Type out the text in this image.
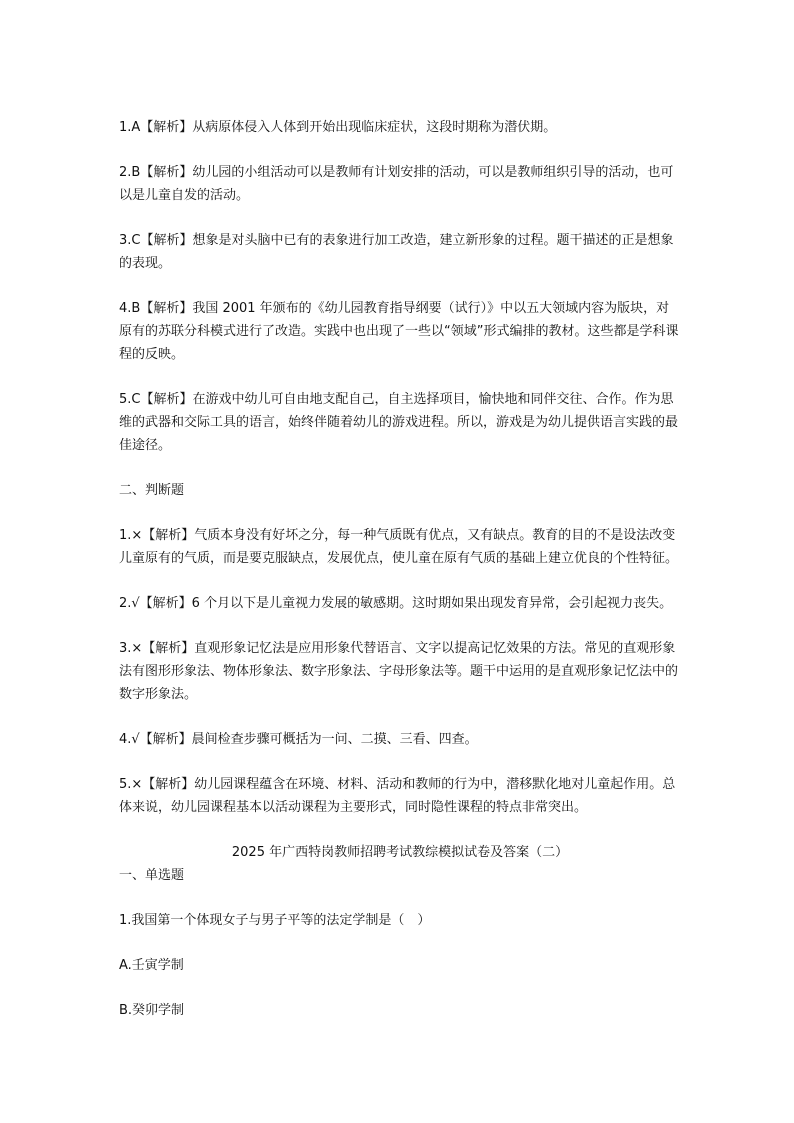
1.A【解析】从病原体侵入人体到开始出现临床症状，这段时期称为潜伏期。

2.B【解析】幼儿园的小组活动可以是教师有计划安排的活动，可以是教师组织引导的活动，也可以是儿童自发的活动。

3.C【解析】想象是对头脑中已有的表象进行加工改造，建立新形象的过程。题干描述的正是想象的表现。

4.B【解析】我国 2001 年颁布的《幼儿园教育指导纲要（试行）》中以五大领域内容为版块，对原有的苏联分科模式进行了改造。实践中也出现了一些以“领域”形式编排的教材。这些都是学科课程的反映。

5.C【解析】在游戏中幼儿可自由地支配自己，自主选择项目，愉快地和同伴交往、合作。作为思维的武器和交际工具的语言，始终伴随着幼儿的游戏进程。所以，游戏是为幼儿提供语言实践的最佳途径。

二、判断题

1.×【解析】气质本身没有好坏之分，每一种气质既有优点，又有缺点。教育的目的不是设法改变儿童原有的气质，而是要克服缺点，发展优点，使儿童在原有气质的基础上建立优良的个性特征。

2.√【解析】6 个月以下是儿童视力发展的敏感期。这时期如果出现发育异常，会引起视力丧失。

3.×【解析】直观形象记忆法是应用形象代替语言、文字以提高记忆效果的方法。常见的直观形象法有图形形象法、物体形象法、数字形象法、字母形象法等。题干中运用的是直观形象记忆法中的数字形象法。

4.√【解析】晨间检查步骤可概括为一问、二摸、三看、四查。

5.×【解析】幼儿园课程蕴含在环境、材料、活动和教师的行为中，潜移默化地对儿童起作用。总体来说，幼儿园课程基本以活动课程为主要形式，同时隐性课程的特点非常突出。

2025 年广西特岗教师招聘考试教综模拟试卷及答案（二）

一、单选题

1.我国第一个体现女子与男子平等的法定学制是（　）

A.壬寅学制

B.癸卯学制
